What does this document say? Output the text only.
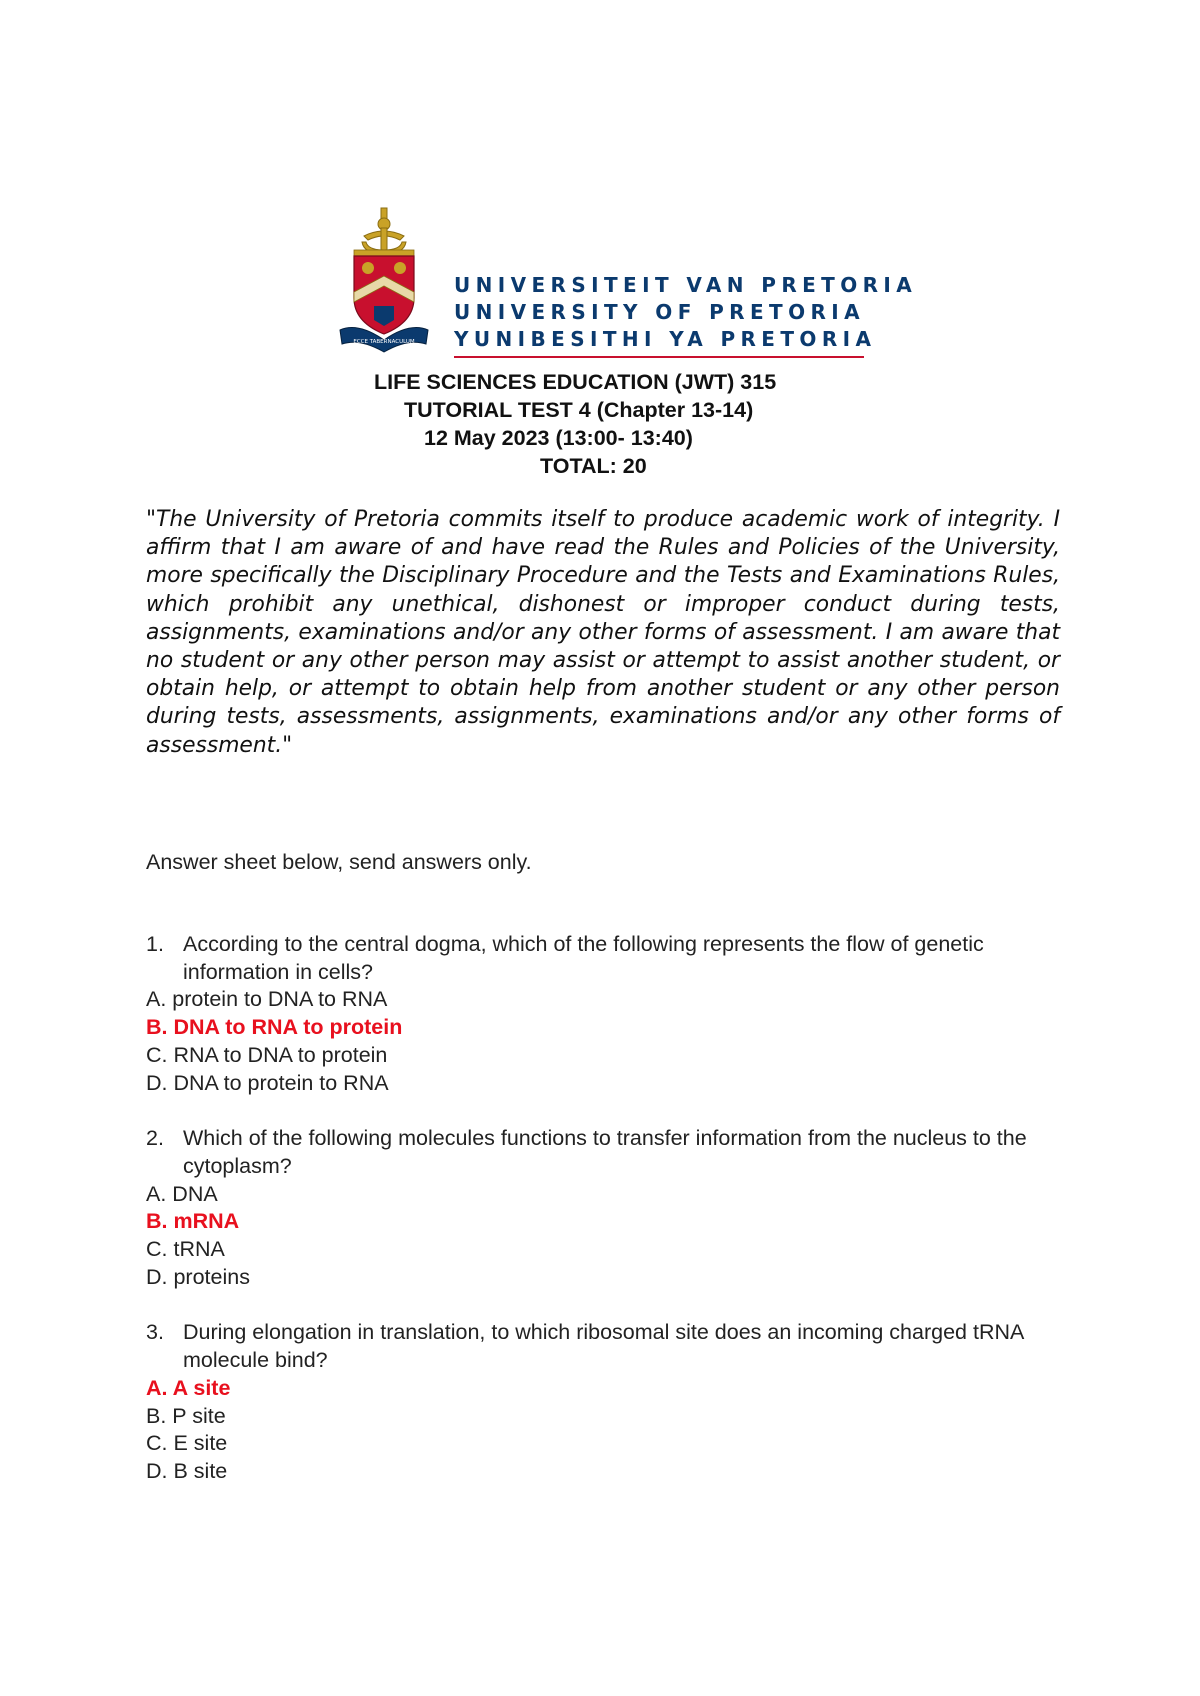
ECCE TABERNACULUM
UNIVERSITEIT VAN PRETORIA
UNIVERSITY OF PRETORIA
YUNIBESITHI YA PRETORIA
LIFE SCIENCES EDUCATION (JWT) 315
TUTORIAL TEST 4 (Chapter 13-14)
12 May 2023 (13:00- 13:40)
TOTAL: 20
"The University of Pretoria commits itself to produce academic work of integrity. I affirm that I am aware of and have read the Rules and Policies of the University, more specifically the Disciplinary Procedure and the Tests and Examinations Rules, which prohibit any unethical, dishonest or improper conduct during tests, assignments, examinations and/or any other forms of assessment. I am aware that no student or any other person may assist or attempt to assist another student, or obtain help, or attempt to obtain help from another student or any other person during tests, assessments, assignments, examinations and/or any other forms of assessment."
Answer sheet below, send answers only.
1. According to the central dogma, which of the following represents the flow of genetic information in cells?
A. protein to DNA to RNA
B. DNA to RNA to protein
C. RNA to DNA to protein
D. DNA to protein to RNA
2. Which of the following molecules functions to transfer information from the nucleus to the cytoplasm?
A. DNA
B. mRNA
C. tRNA
D. proteins
3. During elongation in translation, to which ribosomal site does an incoming charged tRNA molecule bind?
A. A site
B. P site
C. E site
D. B site
